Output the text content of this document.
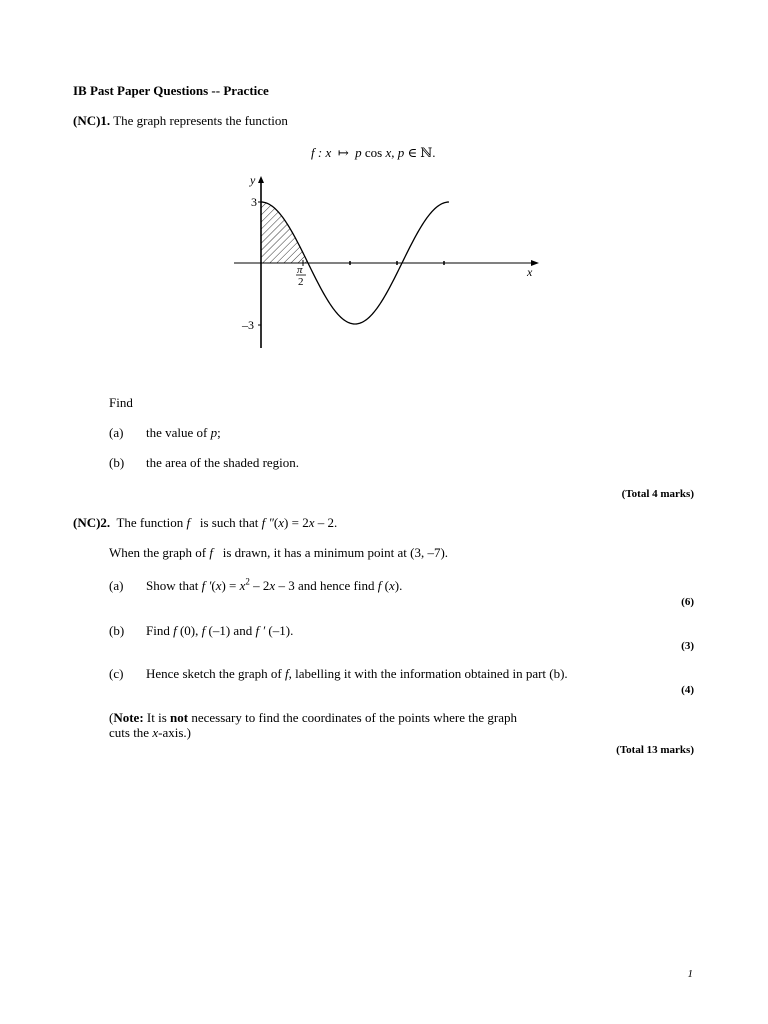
IB Past Paper Questions -- Practice
(NC)1. The graph represents the function
f : x  ↦  p cos x, p ∈ ℕ.
y
x
3
–3
π
2
Find
(a) the value of p;
(b) the area of the shaded region.
(Total 4 marks)
(NC)2. The function f   is such that f ″(x) = 2x – 2.
When the graph of f   is drawn, it has a minimum point at (3, –7).
(a) Show that f $'(x) = x^2 - 2x - 3$ and hence find f (x).
(6)
(b) Find f (0), f (–1) and f ′ (–1).
(3)
(c) Hence sketch the graph of f, labelling it with the information obtained in part (b).
(4)
(Note: It is not necessary to find the coordinates of the points where the graph
cuts the x-axis.)
(Total 13 marks)
1
